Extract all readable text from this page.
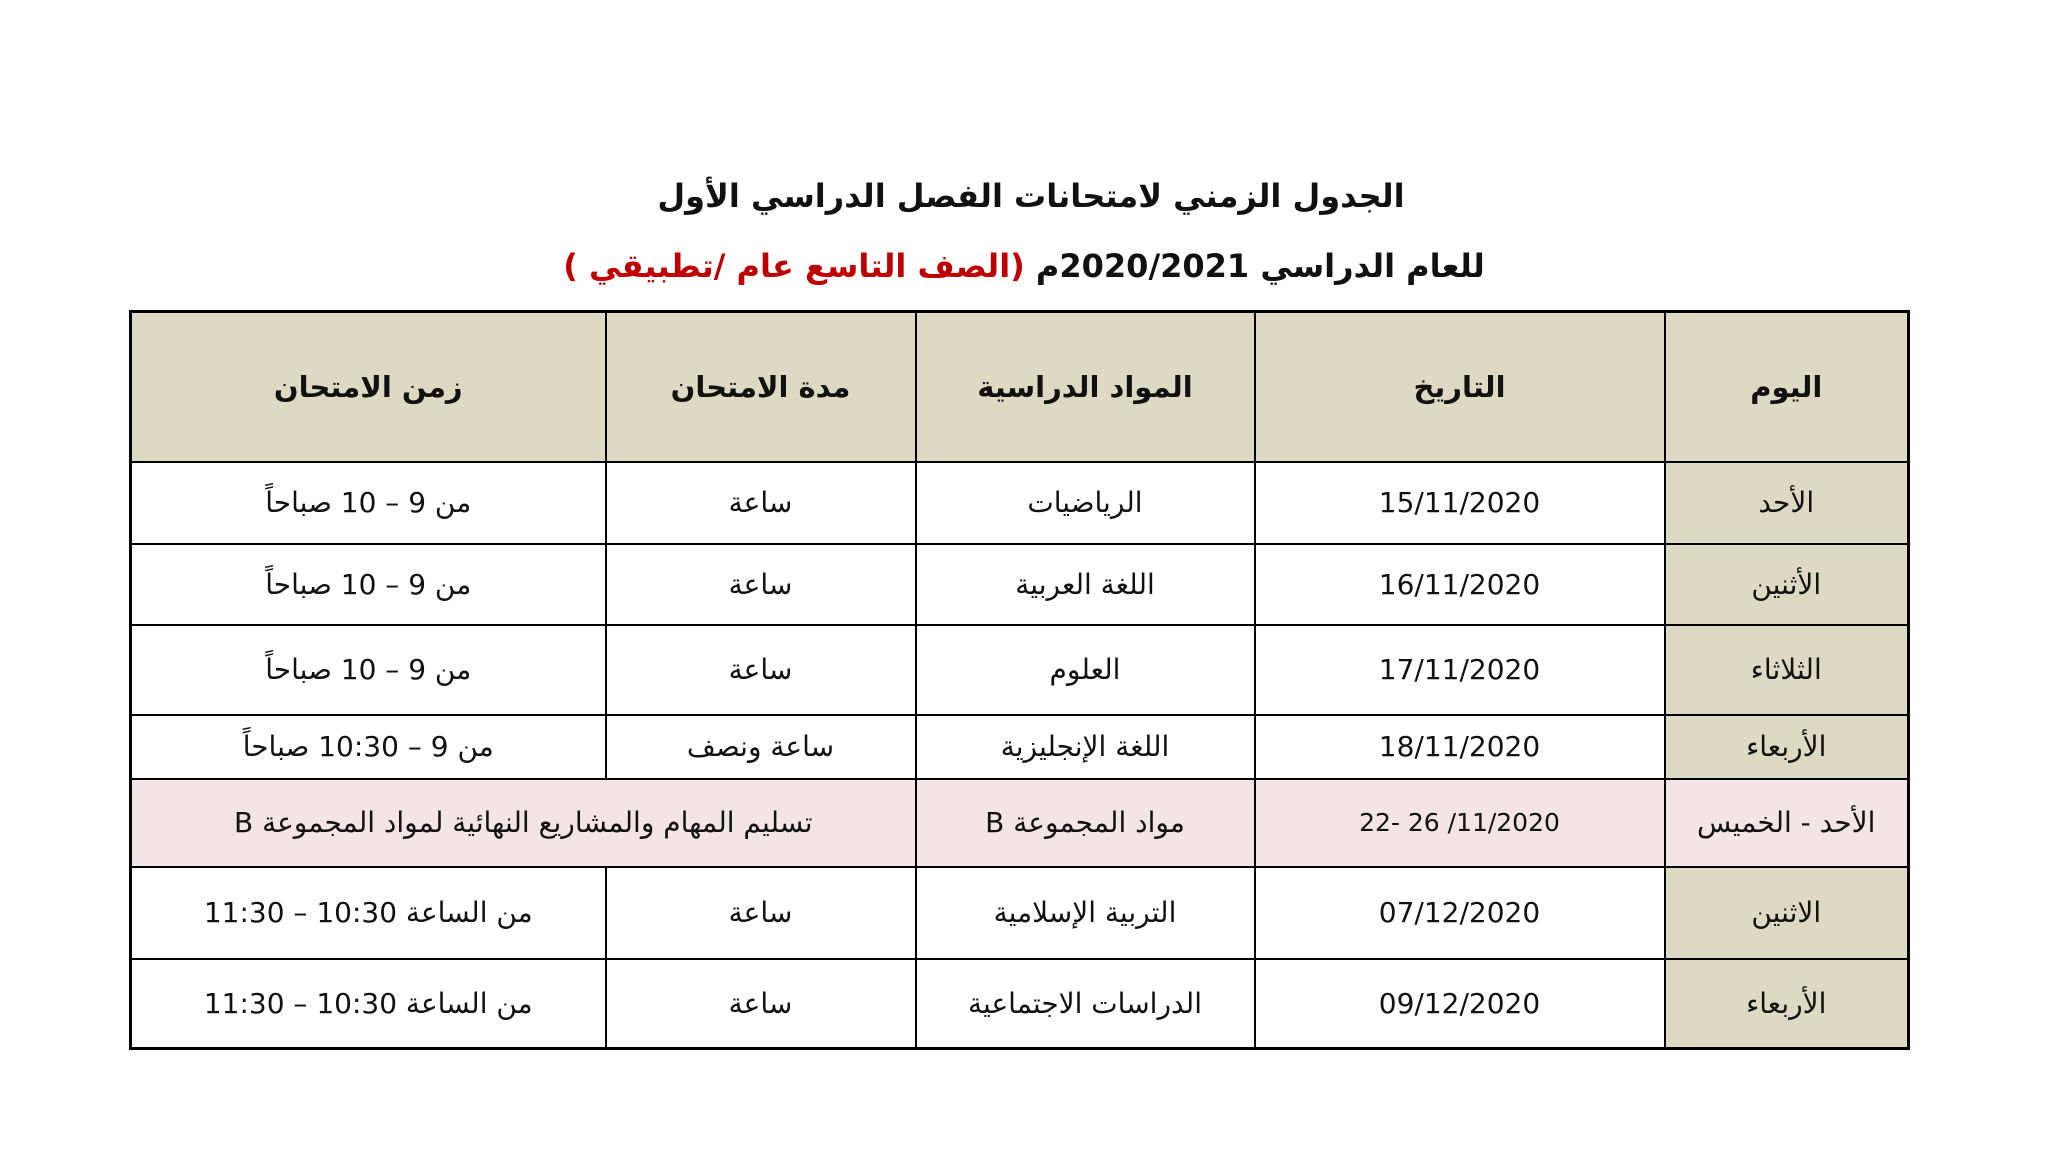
الجدول الزمني لامتحانات الفصل الدراسي الأول
للعام الدراسي 2020/2021م (الصف التاسع عام /تطبيقي )
اليوم	التاريخ	المواد الدراسية	مدة الامتحان	زمن الامتحان
الأحد	15/11/2020	الرياضيات	ساعة	من 9 – 10 صباحاً
الأثنين	16/11/2020	اللغة العربية	ساعة	من 9 – 10 صباحاً
الثلاثاء	17/11/2020	العلوم	ساعة	من 9 – 10 صباحاً
الأربعاء	18/11/2020	اللغة الإنجليزية	ساعة ونصف	من 9 – 10:30 صباحاً
الأحد - الخميس	22- 26 /11/2020	مواد المجموعة B	تسليم المهام والمشاريع النهائية لمواد المجموعة B	
الاثنين	07/12/2020	التربية الإسلامية	ساعة	من الساعة 10:30 – 11:30
الأربعاء	09/12/2020	الدراسات الاجتماعية	ساعة	من الساعة 10:30 – 11:30
